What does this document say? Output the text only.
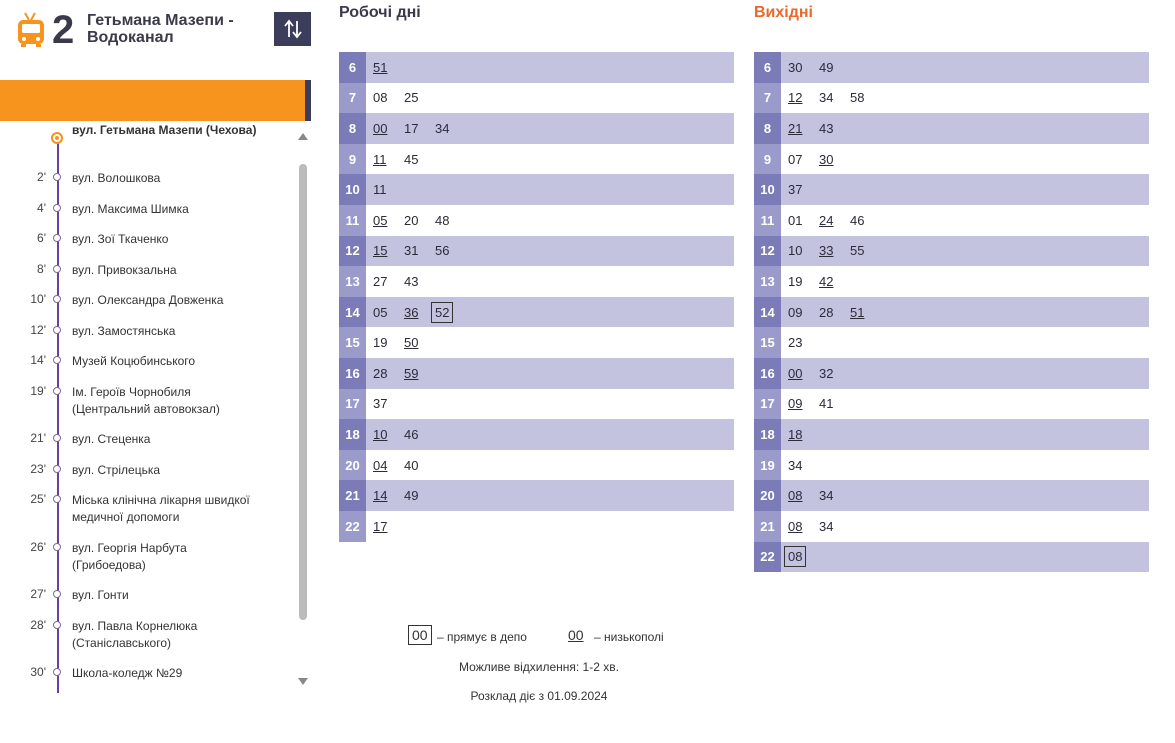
2 Гетьмана Мазепи - Водоканал
вул. Гетьмана Мазепи (Чехова)
2' вул. Волошкова
4' вул. Максима Шимка
6' вул. Зої Ткаченко
8' вул. Привокзальна
10' вул. Олександра Довженка
12' вул. Замостянська
14' Музей Коцюбинського
19' Ім. Героїв Чорнобиля (Центральний автовокзал)
21' вул. Стеценка
23' вул. Стрілецька
25' Міська клінічна лікарня швидкої медичної допомоги
26' вул. Георгія Нарбута (Грибоедова)
27' вул. Гонти
28' вул. Павла Корнелюка (Станіславського)
30' Школа-коледж №29
Робочі дні	Вихідні
6	51
7	08	25
8	00	17	34
9	11	45
10	11
11	05	20	48
12	15	31	56
13	27	43
14	05	36	52
15	19	50
16	28	59
17	37
18	10	46
20	04	40
21	14	49
22	17
6	30	49
7	12	34	58
8	21	43
9	07	30
10	37
11	01	24	46
12	10	33	55
13	19	42
14	09	28	51
15	23
16	00	32
17	09	41
18	18
19	34
20	08	34
21	08	34
22	08
00 – прямує в депо	00 – низькополі
Можливе відхилення: 1-2 хв.
Розклад діє з 01.09.2024
